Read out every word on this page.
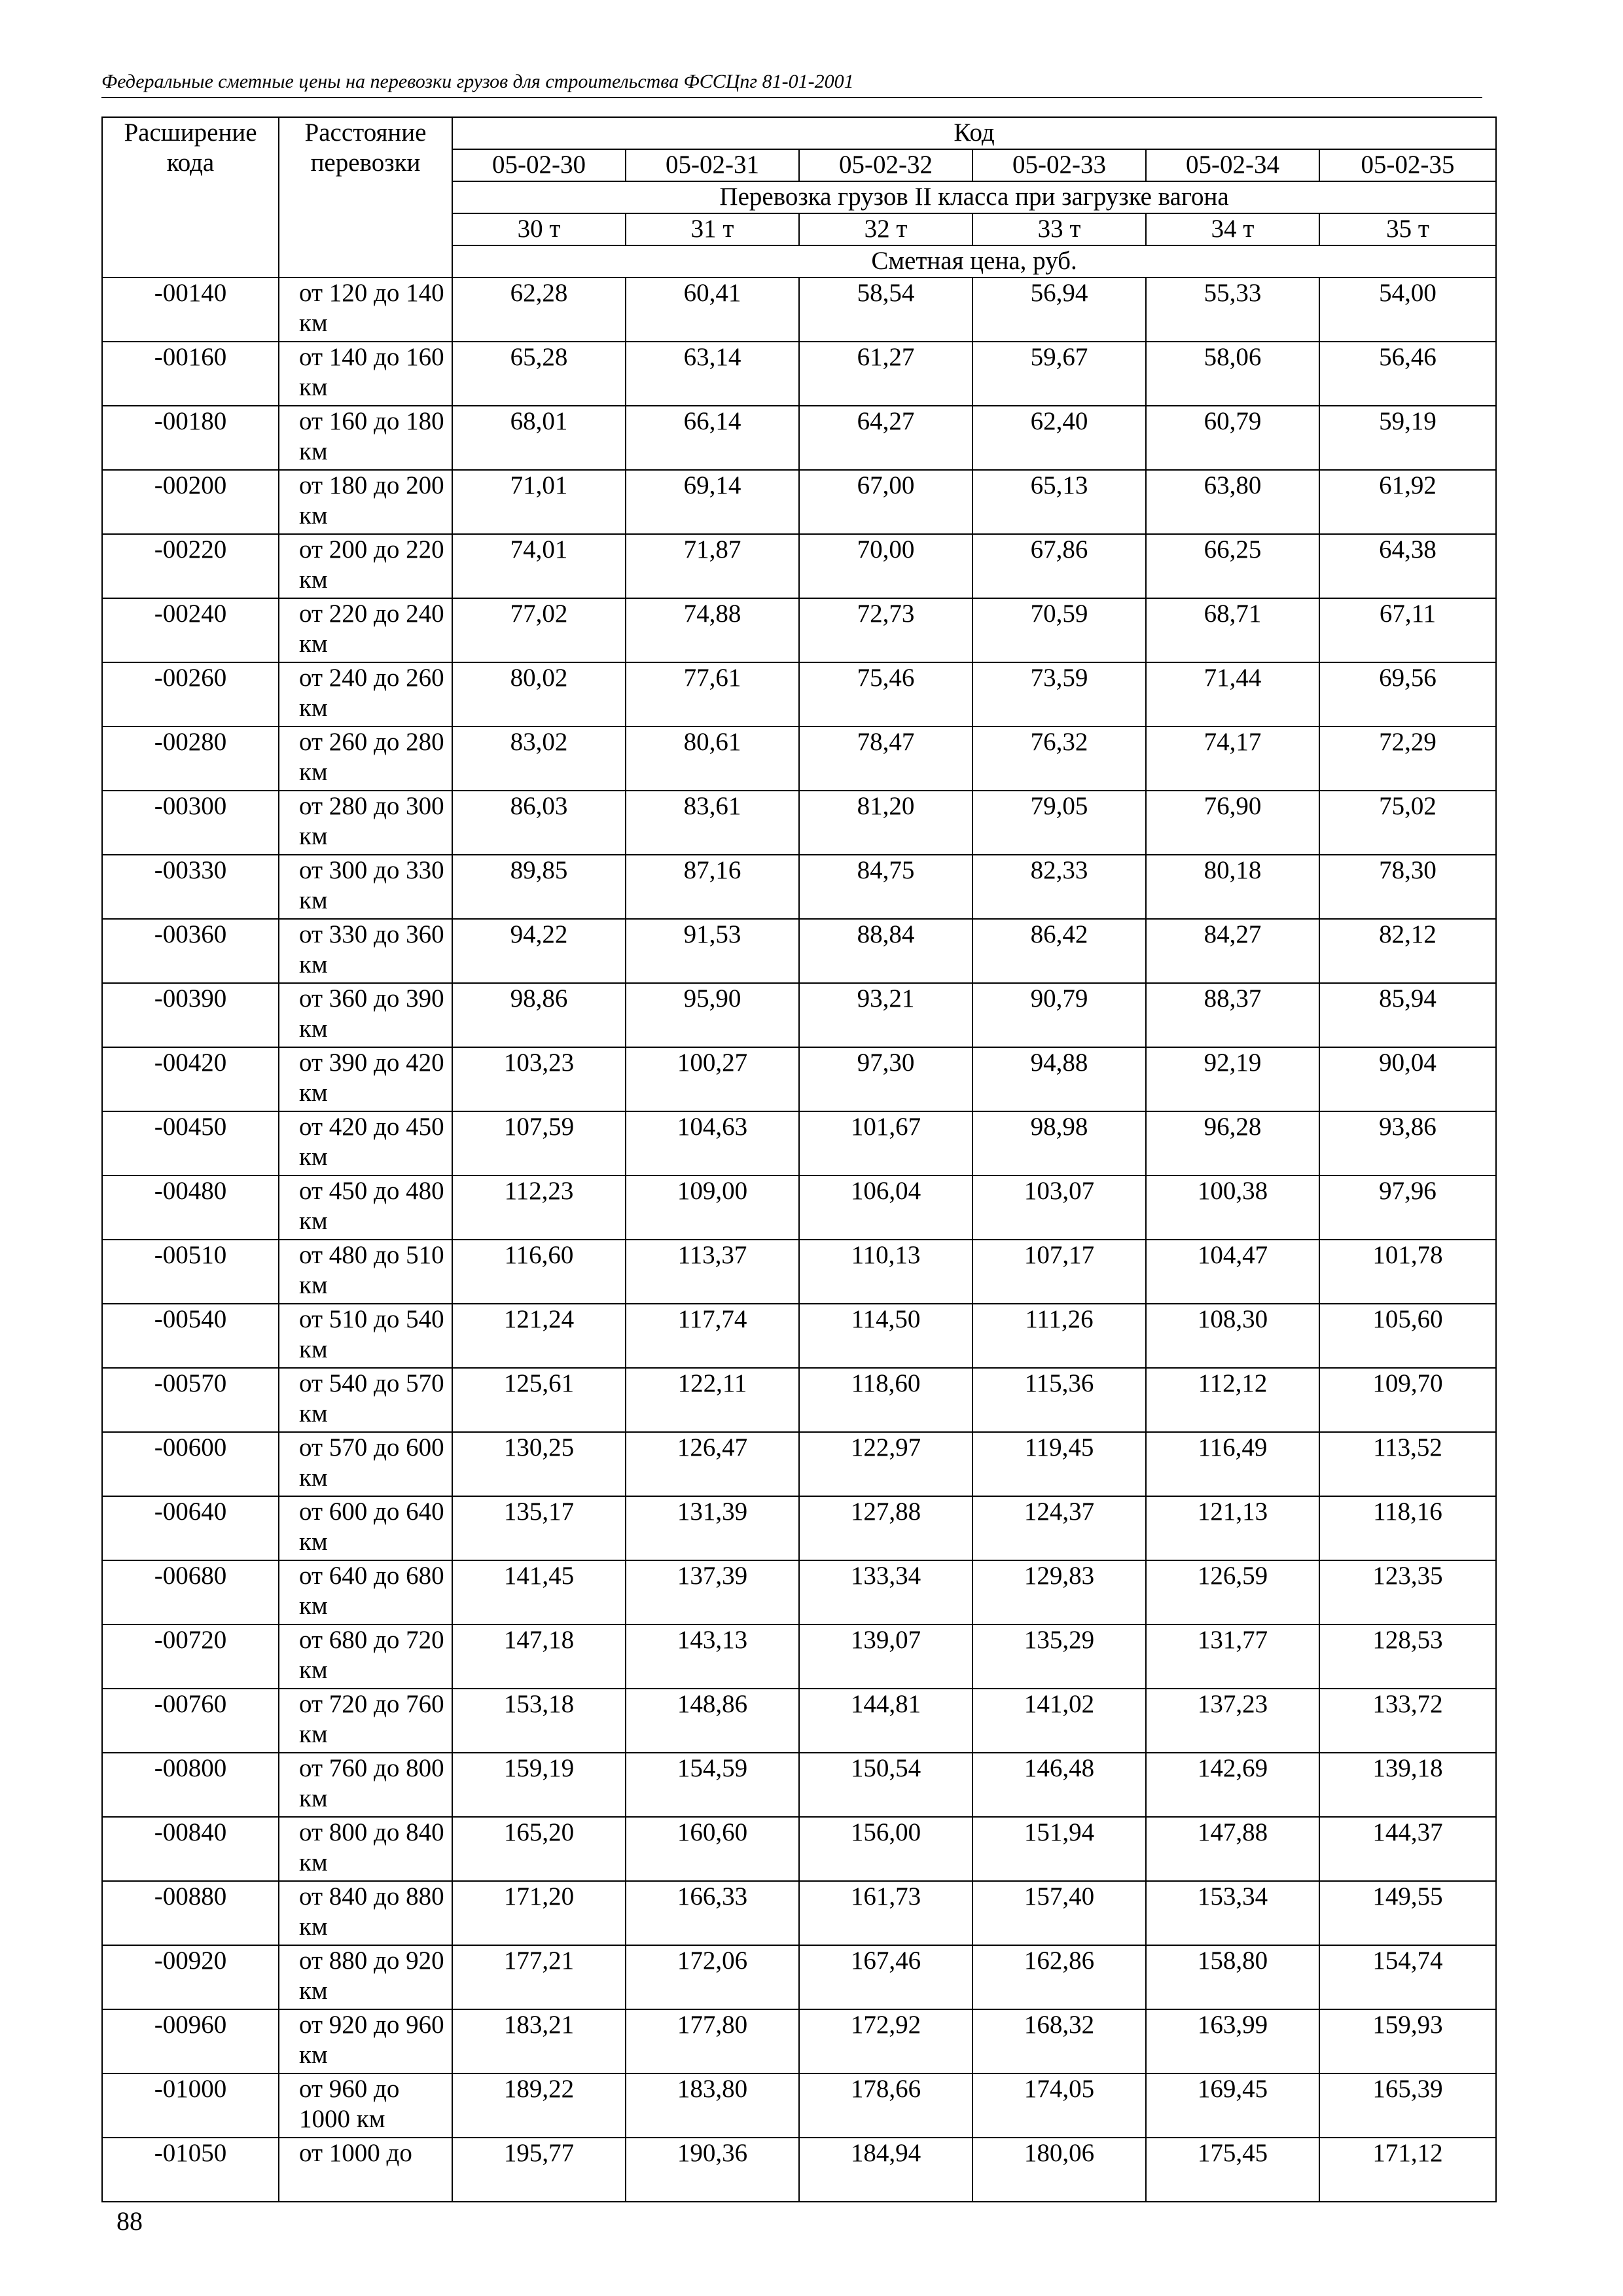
Федеральные сметные цены на перевозки грузов для строительства ФССЦпг 81-01-2001
Расширение кода	Расстояние перевозки	Код					
		05-02-30	05-02-31	05-02-32	05-02-33	05-02-34	05-02-35
		Перевозка грузов II класса при загрузке вагона					
		30 т	31 т	32 т	33 т	34 т	35 т
		Сметная цена, руб.					
-00140	от 120 до 140 км	62,28	60,41	58,54	56,94	55,33	54,00
-00160	от 140 до 160 км	65,28	63,14	61,27	59,67	58,06	56,46
-00180	от 160 до 180 км	68,01	66,14	64,27	62,40	60,79	59,19
-00200	от 180 до 200 км	71,01	69,14	67,00	65,13	63,80	61,92
-00220	от 200 до 220 км	74,01	71,87	70,00	67,86	66,25	64,38
-00240	от 220 до 240 км	77,02	74,88	72,73	70,59	68,71	67,11
-00260	от 240 до 260 км	80,02	77,61	75,46	73,59	71,44	69,56
-00280	от 260 до 280 км	83,02	80,61	78,47	76,32	74,17	72,29
-00300	от 280 до 300 км	86,03	83,61	81,20	79,05	76,90	75,02
-00330	от 300 до 330 км	89,85	87,16	84,75	82,33	80,18	78,30
-00360	от 330 до 360 км	94,22	91,53	88,84	86,42	84,27	82,12
-00390	от 360 до 390 км	98,86	95,90	93,21	90,79	88,37	85,94
-00420	от 390 до 420 км	103,23	100,27	97,30	94,88	92,19	90,04
-00450	от 420 до 450 км	107,59	104,63	101,67	98,98	96,28	93,86
-00480	от 450 до 480 км	112,23	109,00	106,04	103,07	100,38	97,96
-00510	от 480 до 510 км	116,60	113,37	110,13	107,17	104,47	101,78
-00540	от 510 до 540 км	121,24	117,74	114,50	111,26	108,30	105,60
-00570	от 540 до 570 км	125,61	122,11	118,60	115,36	112,12	109,70
-00600	от 570 до 600 км	130,25	126,47	122,97	119,45	116,49	113,52
-00640	от 600 до 640 км	135,17	131,39	127,88	124,37	121,13	118,16
-00680	от 640 до 680 км	141,45	137,39	133,34	129,83	126,59	123,35
-00720	от 680 до 720 км	147,18	143,13	139,07	135,29	131,77	128,53
-00760	от 720 до 760 км	153,18	148,86	144,81	141,02	137,23	133,72
-00800	от 760 до 800 км	159,19	154,59	150,54	146,48	142,69	139,18
-00840	от 800 до 840 км	165,20	160,60	156,00	151,94	147,88	144,37
-00880	от 840 до 880 км	171,20	166,33	161,73	157,40	153,34	149,55
-00920	от 880 до 920 км	177,21	172,06	167,46	162,86	158,80	154,74
-00960	от 920 до 960 км	183,21	177,80	172,92	168,32	163,99	159,93
-01000	от 960 до 1000 км	189,22	183,80	178,66	174,05	169,45	165,39
-01050	от 1000 до	195,77	190,36	184,94	180,06	175,45	171,12
88
